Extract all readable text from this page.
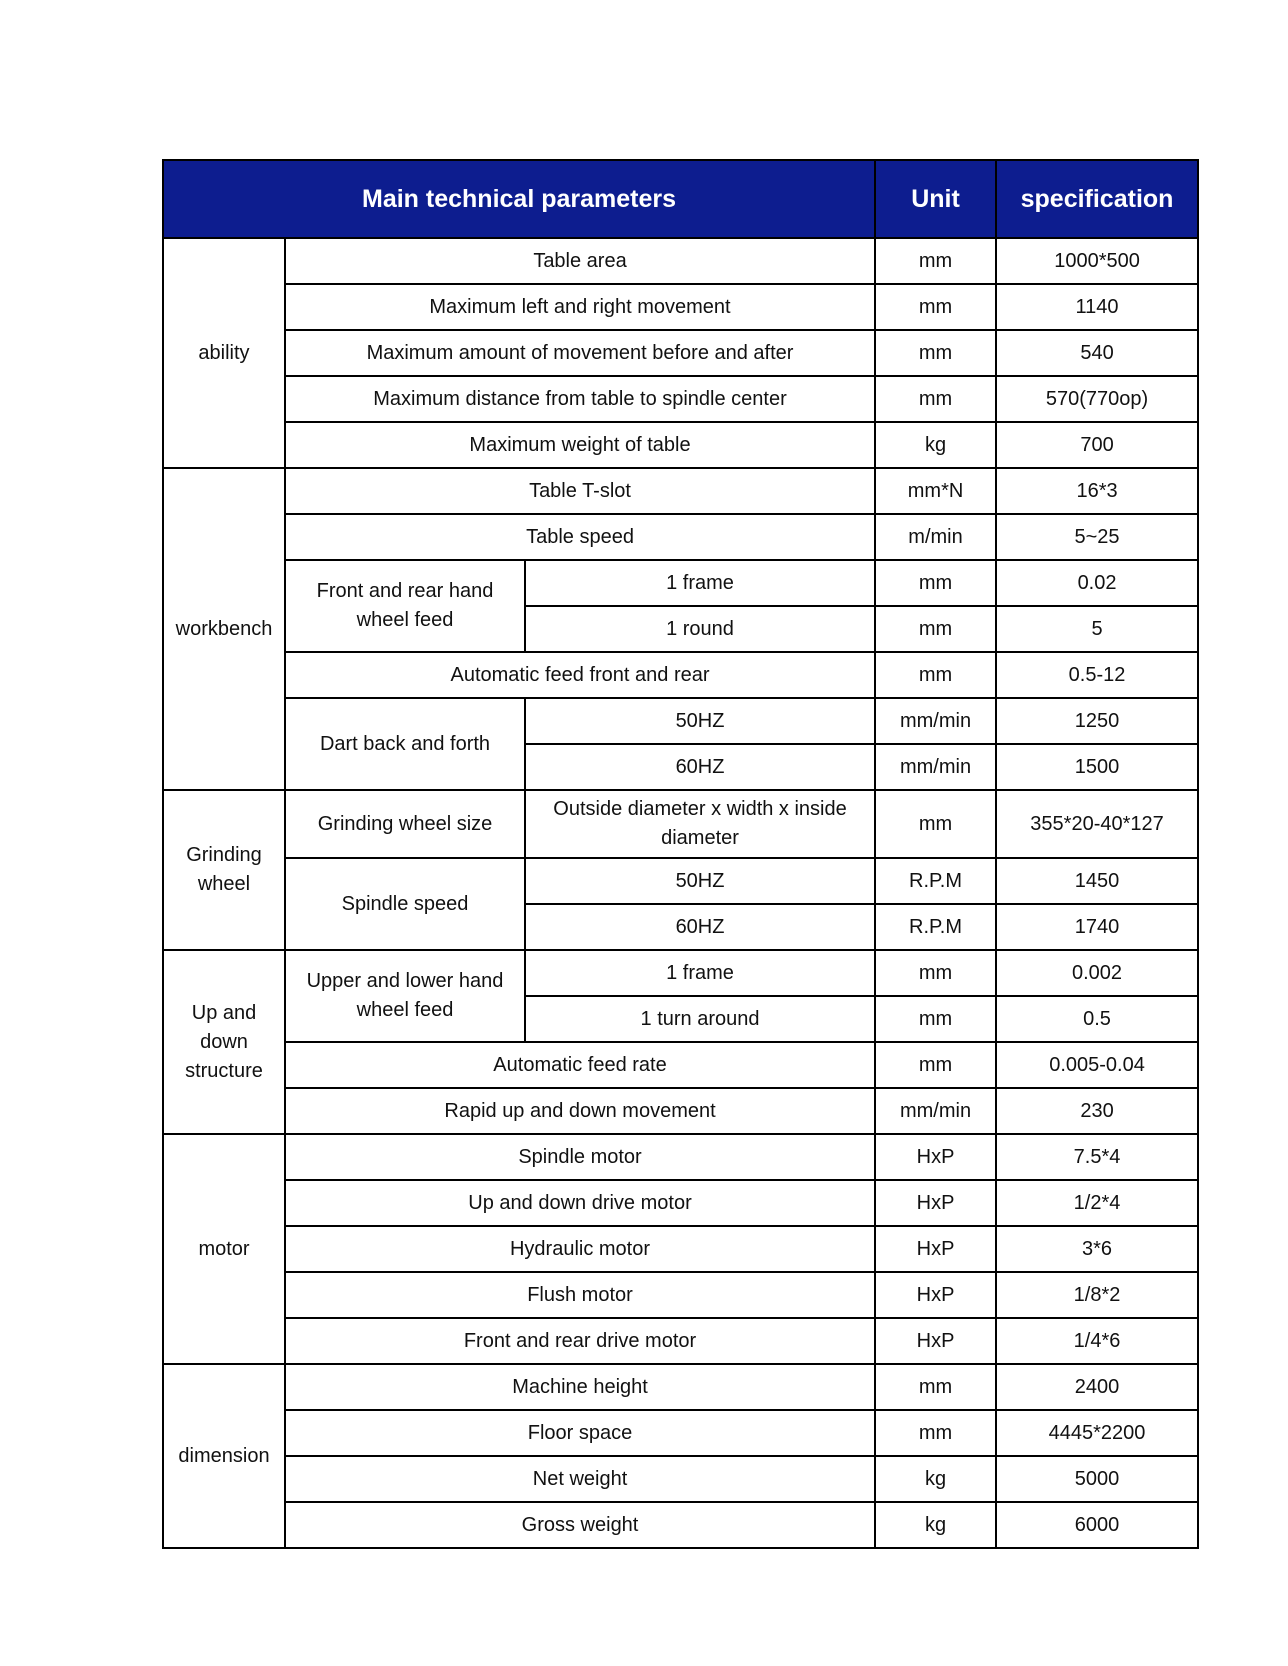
Main technical parameters			Unit	specification
ability	Table area		mm	1000*500
	Maximum left and right movement		mm	1140
	Maximum amount of movement before and after		mm	540
	Maximum distance from table to spindle center		mm	570(770op)
	Maximum weight of table		kg	700
workbench	Table T-slot		mm*N	16*3
	Table speed		m/min	5~25
	Front and rear hand wheel feed	1 frame	mm	0.02
		1 round	mm	5
	Automatic feed front and rear		mm	0.5-12
	Dart back and forth	50HZ	mm/min	1250
		60HZ	mm/min	1500
Grinding wheel	Grinding wheel size	Outside diameter x width x inside diameter	mm	355*20-40*127
	Spindle speed	50HZ	R.P.M	1450
		60HZ	R.P.M	1740
Up and down structure	Upper and lower hand wheel feed	1 frame	mm	0.002
		1 turn around	mm	0.5
	Automatic feed rate		mm	0.005-0.04
	Rapid up and down movement		mm/min	230
motor	Spindle motor		HxP	7.5*4
	Up and down drive motor		HxP	1/2*4
	Hydraulic motor		HxP	3*6
	Flush motor		HxP	1/8*2
	Front and rear drive motor		HxP	1/4*6
dimension	Machine height		mm	2400
	Floor space		mm	4445*2200
	Net weight		kg	5000
	Gross weight		kg	6000
